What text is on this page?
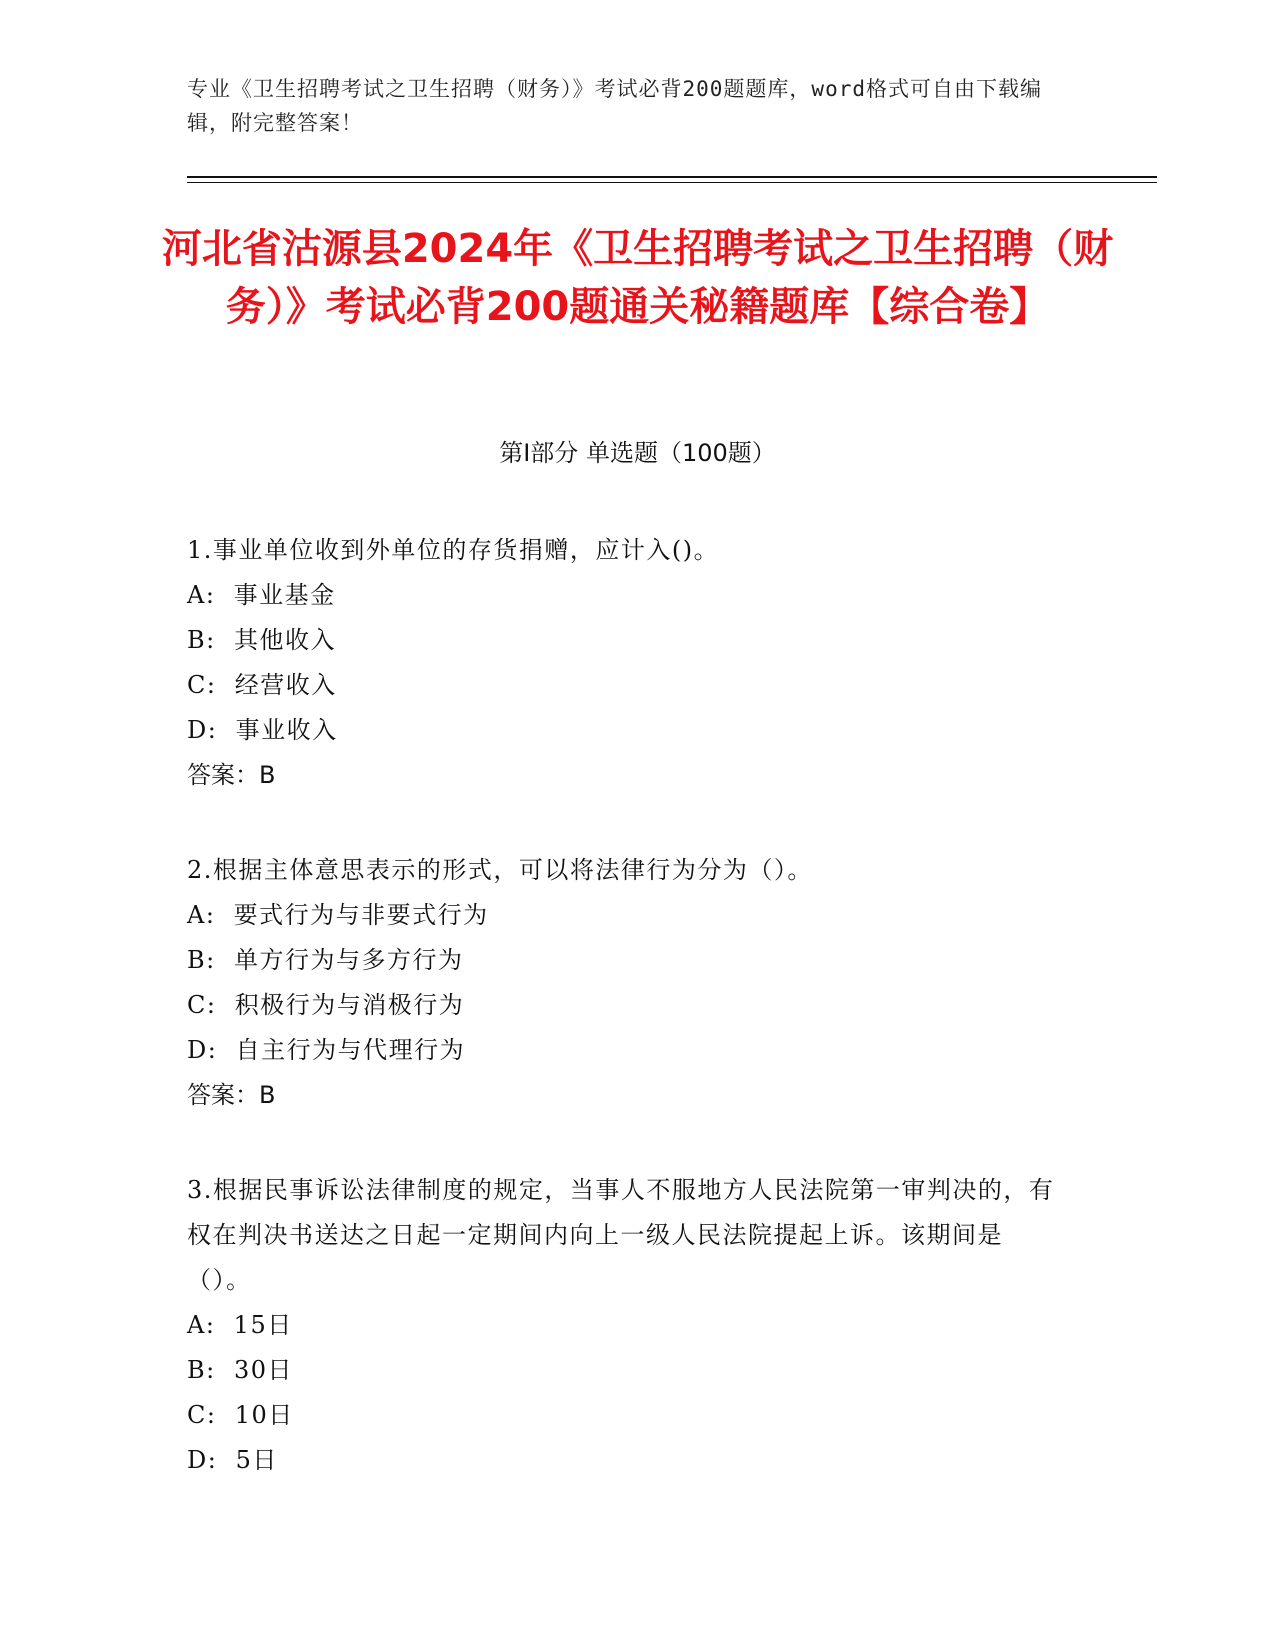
专业《卫生招聘考试之卫生招聘（财务）》考试必背200题题库，word格式可自由下载编辑，附完整答案！
河北省沽源县2024年《卫生招聘考试之卫生招聘（财务）》考试必背200题通关秘籍题库【综合卷】
第Ⅰ部分 单选题（100题）
1.事业单位收到外单位的存货捐赠，应计入()。
A:  事业基金
B:  其他收入
C:  经营收入
D:  事业收入
答案：B
2.根据主体意思表示的形式，可以将法律行为分为（）。
A:  要式行为与非要式行为
B:  单方行为与多方行为
C:  积极行为与消极行为
D:  自主行为与代理行为
答案：B
3.根据民事诉讼法律制度的规定，当事人不服地方人民法院第一审判决的，有权在判决书送达之日起一定期间内向上一级人民法院提起上诉。该期间是（）。
A:  15日
B:  30日
C:  10日
D:  5日
